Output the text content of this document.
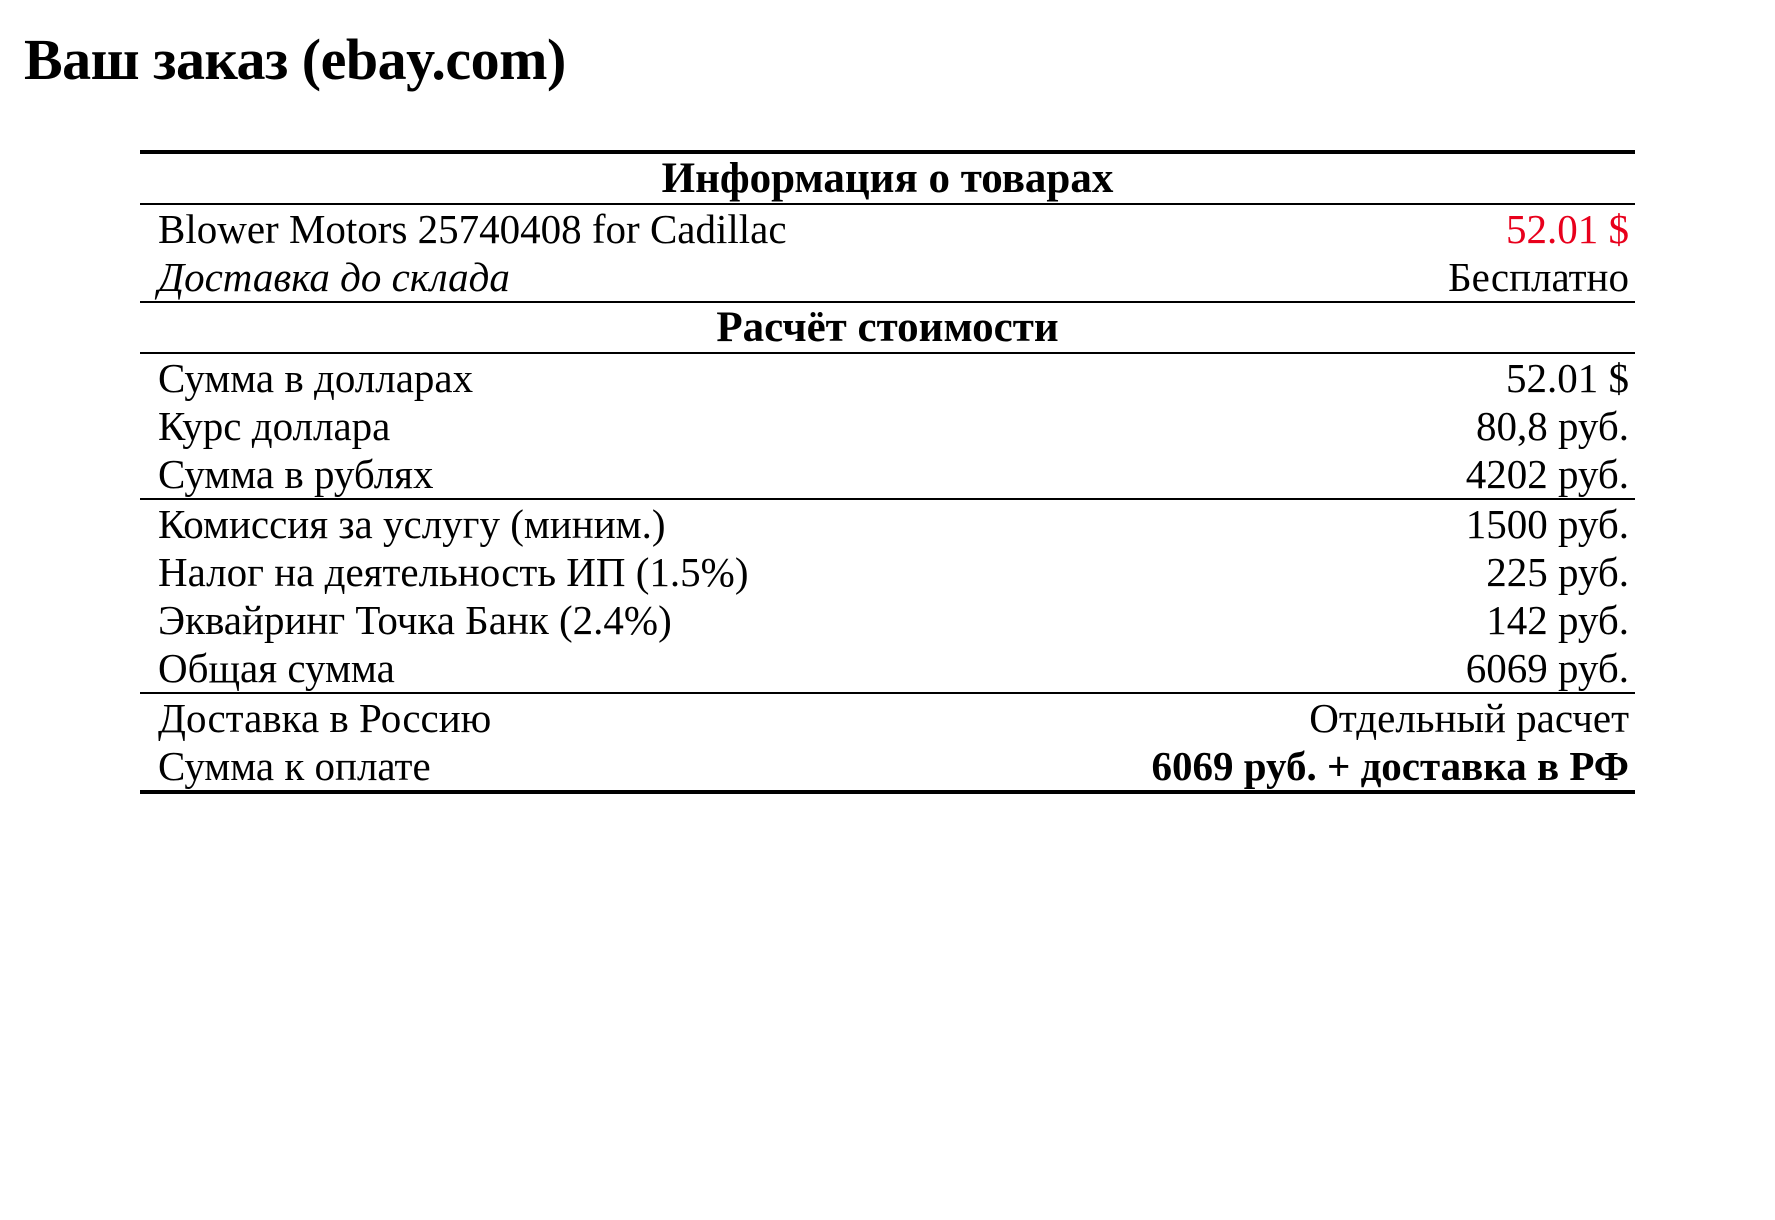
Ваш заказ (ebay.com)
Информация о товарах	
Blower Motors 25740408 for Cadillac	52.01 $
Доставка до склада	Бесплатно
Расчёт стоимости	
Сумма в долларах	52.01 $
Курс доллара	80,8 руб.
Сумма в рублях	4202 руб.
Комиссия за услугу (миним.)	1500 руб.
Налог на деятельность ИП (1.5%)	225 руб.
Эквайринг Точка Банк (2.4%)	142 руб.
Общая сумма	6069 руб.
Доставка в Россию	Отдельный расчет
Сумма к оплате	6069 руб. + доставка в РФ
